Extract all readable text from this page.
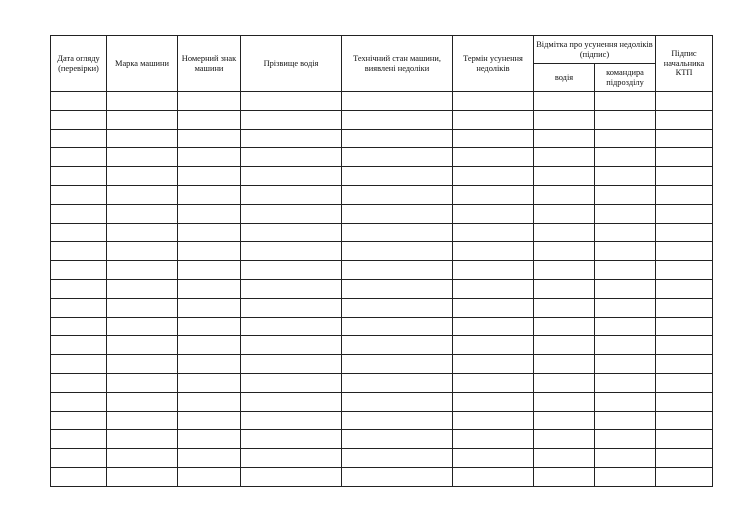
Дата огляду (перевірки)	Марка машини	Номерний знак машини	Прізвище водія	Технічний стан машини, виявлені недоліки	Термін усунення недоліків	Відмітка про усунення недоліків (підпис)		Підпис начальника КТП
						водія	командира підрозділу	
